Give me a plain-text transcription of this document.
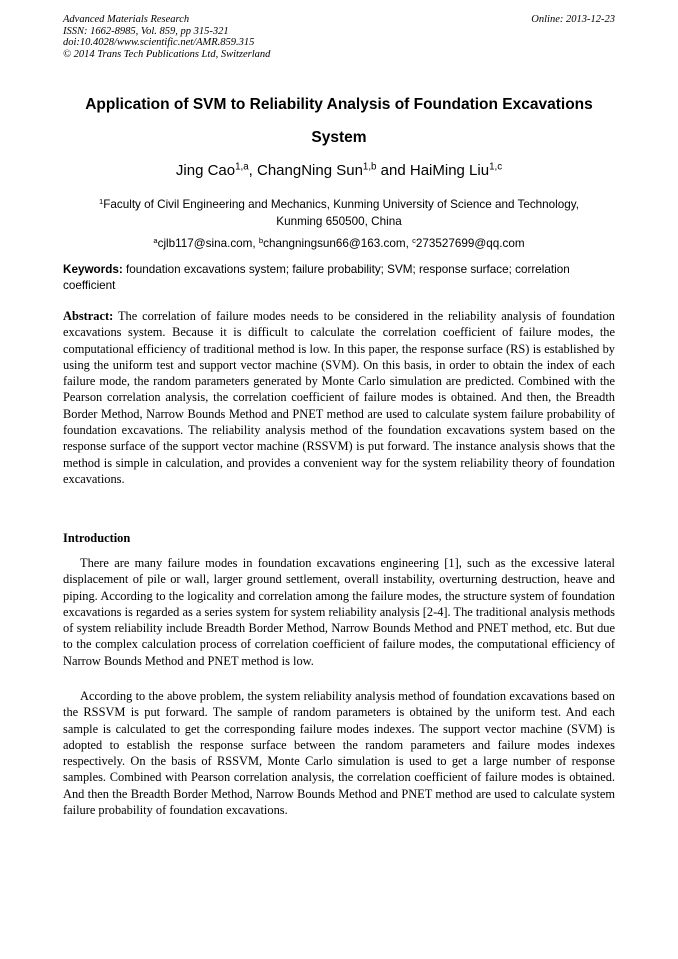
Advanced Materials Research
ISSN: 1662-8985, Vol. 859, pp 315-321
doi:10.4028/www.scientific.net/AMR.859.315
© 2014 Trans Tech Publications Ltd, Switzerland
Online: 2013-12-23
Application of SVM to Reliability Analysis of Foundation Excavations System
Jing Cao$^{1,a}$, ChangNing Sun$^{1,b}$ and HaiMing Liu$^{1,c}$
$^1$Faculty of Civil Engineering and Mechanics, Kunming University of Science and Technology,
Kunming 650500, China
$^a$cjlb117@sina.com, $^b$changningsun66@163.com, $^c$273527699@qq.com
Keywords: foundation excavations system; failure probability; SVM; response surface; correlation coefficient
Abstract: The correlation of failure modes needs to be considered in the reliability analysis of foundation excavations system. Because it is difficult to calculate the correlation coefficient of failure modes, the computational efficiency of traditional method is low. In this paper, the response surface (RS) is established by using the uniform test and support vector machine (SVM). On this basis, in order to obtain the index of each failure mode, the random parameters generated by Monte Carlo simulation are predicted. Combined with the Pearson correlation analysis, the correlation coefficient of failure modes is obtained. And then, the Breadth Border Method, Narrow Bounds Method and PNET method are used to calculate system failure probability of foundation excavations. The reliability analysis method of the foundation excavations system based on the response surface of the support vector machine (RSSVM) is put forward. The instance analysis shows that the method is simple in calculation, and provides a convenient way for the system reliability theory of foundation excavations.
Introduction
There are many failure modes in foundation excavations engineering [1], such as the excessive lateral displacement of pile or wall, larger ground settlement, overall instability, overturning destruction, heave and piping. According to the logicality and correlation among the failure modes, the structure system of foundation excavations is regarded as a series system for system reliability analysis [2-4]. The traditional analysis methods of system reliability include Breadth Border Method, Narrow Bounds Method and PNET method, etc. But due to the complex calculation process of correlation coefficient of failure modes, the computational efficiency of Narrow Bounds Method and PNET method is low.
According to the above problem, the system reliability analysis method of foundation excavations based on the RSSVM is put forward. The sample of random parameters is obtained by the uniform test. And each sample is calculated to get the corresponding failure modes indexes. The support vector machine (SVM) is adopted to establish the response surface between the random parameters and failure modes indexes respectively. On the basis of RSSVM, Monte Carlo simulation is used to get a large number of response samples. Combined with Pearson correlation analysis, the correlation coefficient of failure modes is obtained. And then the Breadth Border Method, Narrow Bounds Method and PNET method are used to calculate system failure probability of foundation excavations.
